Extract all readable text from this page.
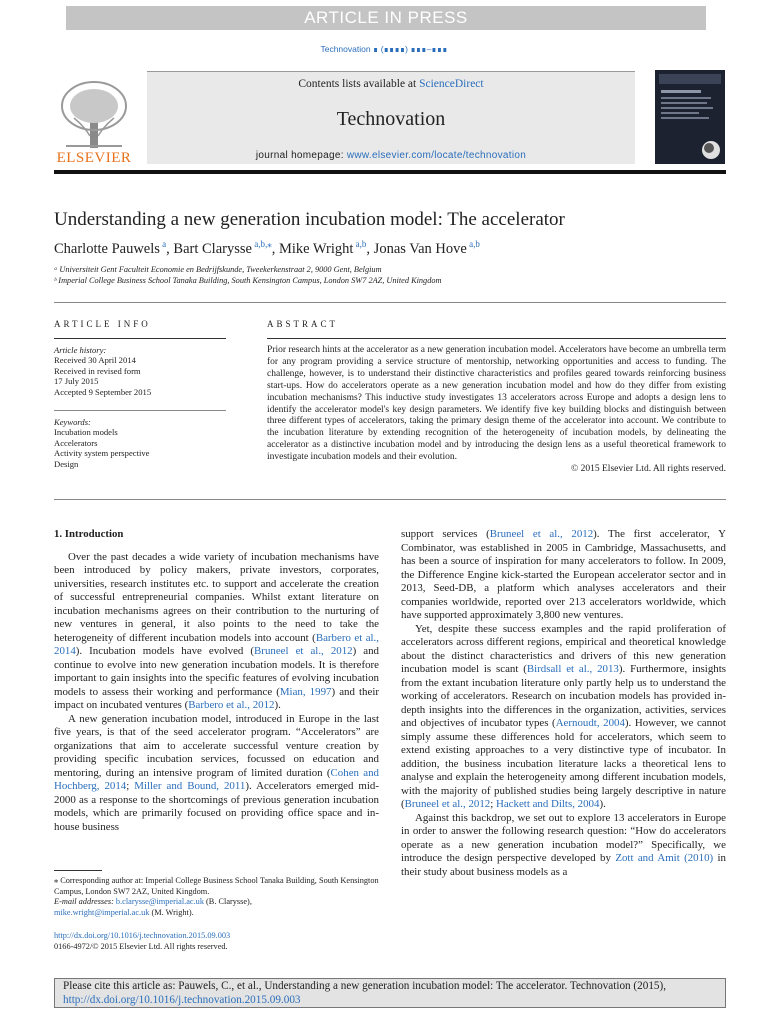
ARTICLE IN PRESS
Technovation ∎ (∎∎∎∎) ∎∎∎–∎∎∎
ELSEVIER
Contents lists available at ScienceDirect
Technovation
journal homepage: www.elsevier.com/locate/technovation
Understanding a new generation incubation model: The accelerator
Charlotte Pauwels $^a$, Bart Clarysse $^{a,b,⁎}$, Mike Wright $^{a,b}$, Jonas Van Hove $^{a,b}$
ᵃ Universiteit Gent Faculteit Economie en Bedrijfskunde, Tweekerkenstraat 2, 9000 Gent, Belgium
ᵇ Imperial College Business School Tanaka Building, South Kensington Campus, London SW7 2AZ, United Kingdom
ARTICLE INFO
Article history:
Received 30 April 2014
Received in revised form
17 July 2015
Accepted 9 September 2015
Keywords:
Incubation models
Accelerators
Activity system perspective
Design
ABSTRACT
Prior research hints at the accelerator as a new generation incubation model. Accelerators have become an umbrella term for any program providing a service structure of mentorship, networking opportunities and access to funding. The challenge, however, is to understand their distinctive characteristics and profiles geared towards reinforcing business start-ups. How do accelerators operate as a new generation incubation model and how do they differ from existing incubation mechanisms? This inductive study investigates 13 accelerators across Europe and adopts a design lens to identify the accelerator model's key design parameters. We identify five key building blocks and distinguish between three different types of accelerators, taking the primary design theme of the accelerator into account. We contribute to the incubation literature by extending recognition of the heterogeneity of incubation models, by delineating the accelerator as a distinctive incubation model and by introducing the design lens as a useful theoretical framework to investigate incubation models and their evolution.
© 2015 Elsevier Ltd. All rights reserved.

1. Introduction

Over the past decades a wide variety of incubation mechanisms have been introduced by policy makers, private investors, corporates, universities, research institutes etc. to support and accelerate the creation of successful entrepreneurial companies. Whilst extant literature on incubation mechanisms agrees on their contribution to the nurturing of new ventures in general, it also points to the need to take the heterogeneity of different incubation models into account (Barbero et al., 2014). Incubation models have evolved (Bruneel et al., 2012) and continue to evolve into new generation incubation models. It is therefore important to gain insights into the specific features of evolving incubation models to assess their working and performance (Mian, 1997) and their impact on incubated ventures (Barbero et al., 2012).

A new generation incubation model, introduced in Europe in the last five years, is that of the seed accelerator program. “Accelerators” are organizations that aim to accelerate successful venture creation by providing specific incubation services, focussed on education and mentoring, during an intensive program of limited duration (Cohen and Hochberg, 2014; Miller and Bound, 2011). Accelerators emerged mid-2000 as a response to the shortcomings of previous generation incubation models, which are primarily focused on providing office space and in-house business

support services (Bruneel et al., 2012). The first accelerator, Y Combinator, was established in 2005 in Cambridge, Massachusetts, and has been a source of inspiration for many accelerators to follow. In 2009, the Difference Engine kick-started the European accelerator sector and in 2013, Seed-DB, a platform which analyses accelerators and their companies worldwide, reported over 213 accelerators worldwide, which have supported approximately 3,800 new ventures.

Yet, despite these success examples and the rapid proliferation of accelerators across different regions, empirical and theoretical knowledge about the distinct characteristics and drivers of this new generation incubation model is scant (Birdsall et al., 2013). Furthermore, insights from the extant incubation literature only partly help us to understand the working of accelerators. Research on incubation models has provided in-depth insights into the differences in the organization, activities, services and objectives of incubator types (Aernoudt, 2004). However, we cannot simply assume these differences hold for accelerators, which seem to extend existing approaches to a very distinctive type of incubator. In addition, the business incubation literature lacks a theoretical lens to analyse and explain the heterogeneity among different incubation models, with the majority of published studies being largely descriptive in nature (Bruneel et al., 2012; Hackett and Dilts, 2004).

Against this backdrop, we set out to explore 13 accelerators in Europe in order to answer the following research question: “How do accelerators operate as a new generation incubation model?” Specifically, we introduce the design perspective developed by Zott and Amit (2010) in their study about business models as a

⁎ Corresponding author at: Imperial College Business School Tanaka Building, South Kensington Campus, London SW7 2AZ, United Kingdom.
E-mail addresses: b.clarysse@imperial.ac.uk (B. Clarysse),
mike.wright@imperial.ac.uk (M. Wright).
http://dx.doi.org/10.1016/j.technovation.2015.09.003
0166-4972/© 2015 Elsevier Ltd. All rights reserved.
Please cite this article as: Pauwels, C., et al., Understanding a new generation incubation model: The accelerator. Technovation (2015),
http://dx.doi.org/10.1016/j.technovation.2015.09.003
